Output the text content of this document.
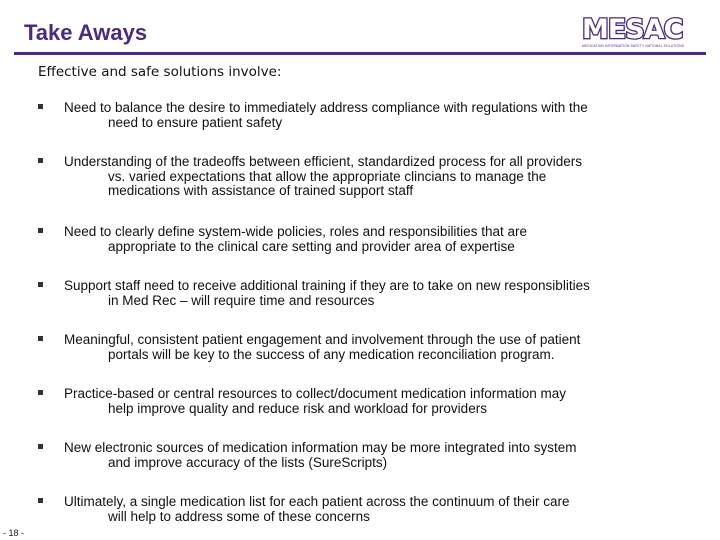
Take Aways	MESAC
MEDICATION INFORMATION SAFETY NATIONAL SOLUTIONS

Effective and safe solutions involve:

Need to balance the desire to immediately address compliance with regulations with the
need to ensure patient safety

Understanding of the tradeoffs between efficient, standardized process for all providers
vs. varied expectations that allow the appropriate clincians to manage the
medications with assistance of trained support staff

Need to clearly define system-wide policies, roles and responsibilities that are
appropriate to the clinical care setting and provider area of expertise

Support staff need to receive additional training if they are to take on new responsiblities
in Med Rec – will require time and resources

Meaningful, consistent patient engagement and involvement through the use of patient
portals will be key to the success of any medication reconciliation program.

Practice-based or central resources to collect/document medication information may
help improve quality and reduce risk and workload for providers

New electronic sources of medication information may be more integrated into system
and improve accuracy of the lists (SureScripts)

Ultimately, a single medication list for each patient across the continuum of their care
will help to address some of these concerns

- 18 -
